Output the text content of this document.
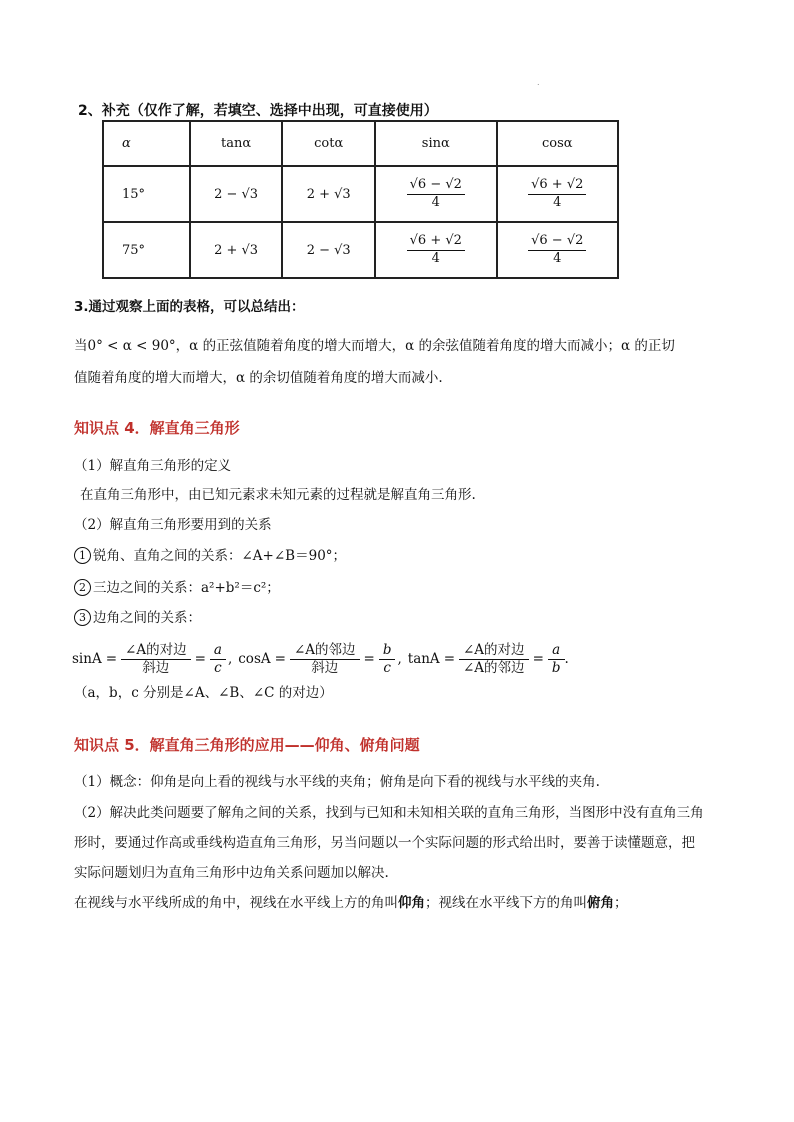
.
2、补充（仅作了解，若填空、选择中出现，可直接使用）
α	tanα	cotα	sinα	cosα
15°	2 − √3	2 + √3	$\frac{√6 - √2}{4}$	$\frac{√6 + √2}{4}$

75°	2 + √3	2 − √3	$\frac{√6 + √2}{4}$	$\frac{√6 - √2}{4}$
3.通过观察上面的表格，可以总结出：
当0° < α < 90°，α 的正弦值随着角度的增大而增大，α 的余弦值随着角度的增大而减小；α 的正切
值随着角度的增大而增大，α 的余切值随着角度的增大而减小.
知识点 4．解直角三角形
（1）解直角三角形的定义
在直角三角形中，由已知元素求未知元素的过程就是解直角三角形.
（2）解直角三角形要用到的关系
1 锐角、直角之间的关系：∠A+∠B＝90°；
2 三边之间的关系：a²+b²＝c²；
3 边角之间的关系：
$\sin A = \frac{\text{∠A的对边}}{\text{斜边}} = \frac{a}{c}$ , $\cos A = \frac{\text{∠A的邻边}}{\text{斜边}} = \frac{b}{c}$ , $\tan A = \frac{\text{∠A的对边}}{\text{∠A的邻边}} = \frac{a}{b}$ .
（a，b，c 分别是∠A、∠B、∠C 的对边）
知识点 5．解直角三角形的应用——仰角、俯角问题
（1）概念：仰角是向上看的视线与水平线的夹角；俯角是向下看的视线与水平线的夹角.
（2）解决此类问题要了解角之间的关系，找到与已知和未知相关联的直角三角形，当图形中没有直角三角
形时，要通过作高或垂线构造直角三角形，另当问题以一个实际问题的形式给出时，要善于读懂题意，把
实际问题划归为直角三角形中边角关系问题加以解决.
在视线与水平线所成的角中，视线在水平线上方的角叫仰角；视线在水平线下方的角叫俯角；
